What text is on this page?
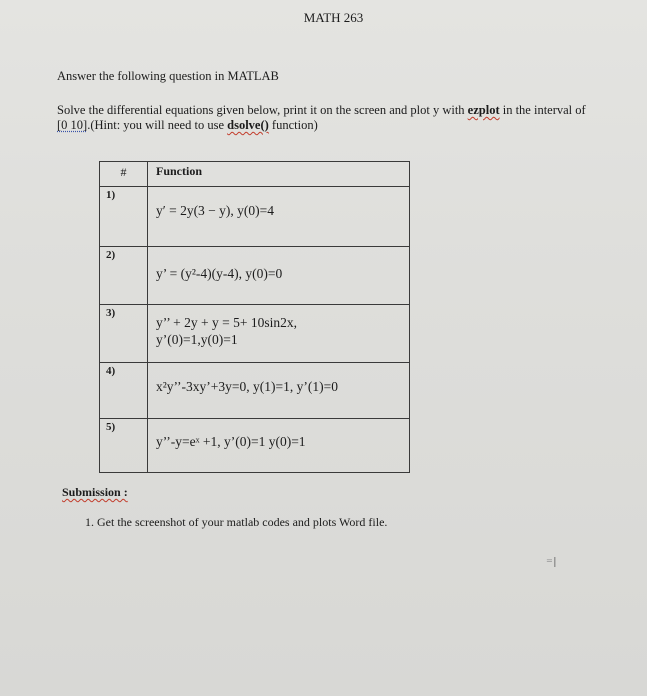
MATH 263
Answer the following question in MATLAB
Solve the differential equations given below, print it on the screen and plot y with ezplot in the interval of
[0 10].(Hint: you will need to use dsolve() function)
#	Function
1)
y′ = 2y(3 − y), y(0)=4
2)
y’ = (y²-4)(y-4), y(0)=0
3)
y’’ + 2y + y = 5+ 10sin2x,
y’(0)=1,y(0)=1
4)
x²y’’-3xy’+3y=0, y(1)=1, y’(1)=0
5)
y’’-y=eˣ +1, y’(0)=1 y(0)=1
Submission :
1. Get the screenshot of your matlab codes and plots Word file.
⁼I
